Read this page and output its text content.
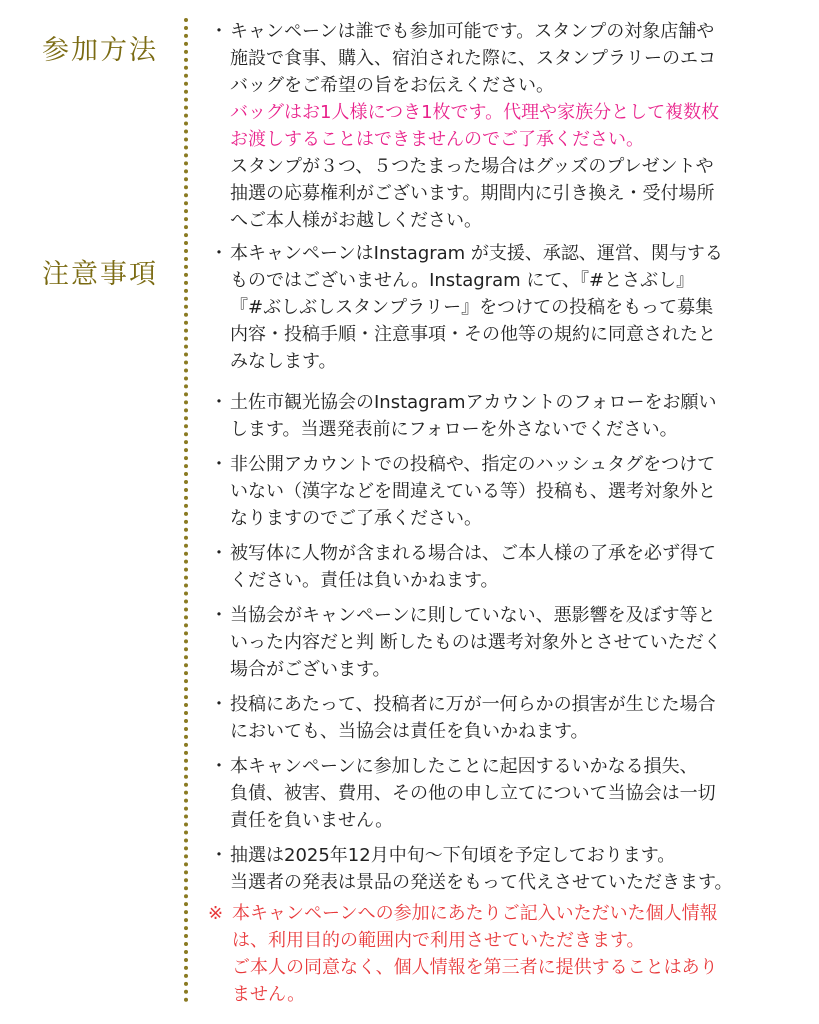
参加方法
注意事項
・ キャンペーンは誰でも参加可能です。スタンプの対象店舗や
施設で食事、購入、宿泊された際に、スタンプラリーのエコ
バッグをご希望の旨をお伝えください。
バッグはお1人様につき1枚です。代理や家族分として複数枚
お渡しすることはできませんのでご了承ください。
スタンプが３つ、５つたまった場合はグッズのプレゼントや
抽選の応募権利がございます。期間内に引き換え・受付場所
へご本人様がお越しください。
・ 本キャンペーンはInstagram が支援、承認、運営、関与する
ものではございません。Instagram にて、『#とさぶし』
『#ぶしぶしスタンプラリー』をつけての投稿をもって募集
内容・投稿手順・注意事項・その他等の規約に同意されたと
みなします。
・ 土佐市観光協会のInstagramアカウントのフォローをお願い
します。当選発表前にフォローを外さないでください。
・ 非公開アカウントでの投稿や、指定のハッシュタグをつけて
いない（漢字などを間違えている等）投稿も、選考対象外と
なりますのでご了承ください。
・ 被写体に人物が含まれる場合は、ご本人様の了承を必ず得て
ください。責任は負いかねます。
・ 当協会がキャンペーンに則していない、悪影響を及ぼす等と
いった内容だと判 断したものは選考対象外とさせていただく
場合がございます。
・ 投稿にあたって、投稿者に万が一何らかの損害が生じた場合
においても、当協会は責任を負いかねます。
・ 本キャンペーンに参加したことに起因するいかなる損失、
負債、被害、費用、その他の申し立てについて当協会は一切
責任を負いません。
・ 抽選は2025年12月中旬〜下旬頃を予定しております。
当選者の発表は景品の発送をもって代えさせていただきます。
※ 本キャンペーンへの参加にあたりご記入いただいた個人情報
は、利用目的の範囲内で利用させていただきます。
ご本人の同意なく、個人情報を第三者に提供することはあり
ません。
